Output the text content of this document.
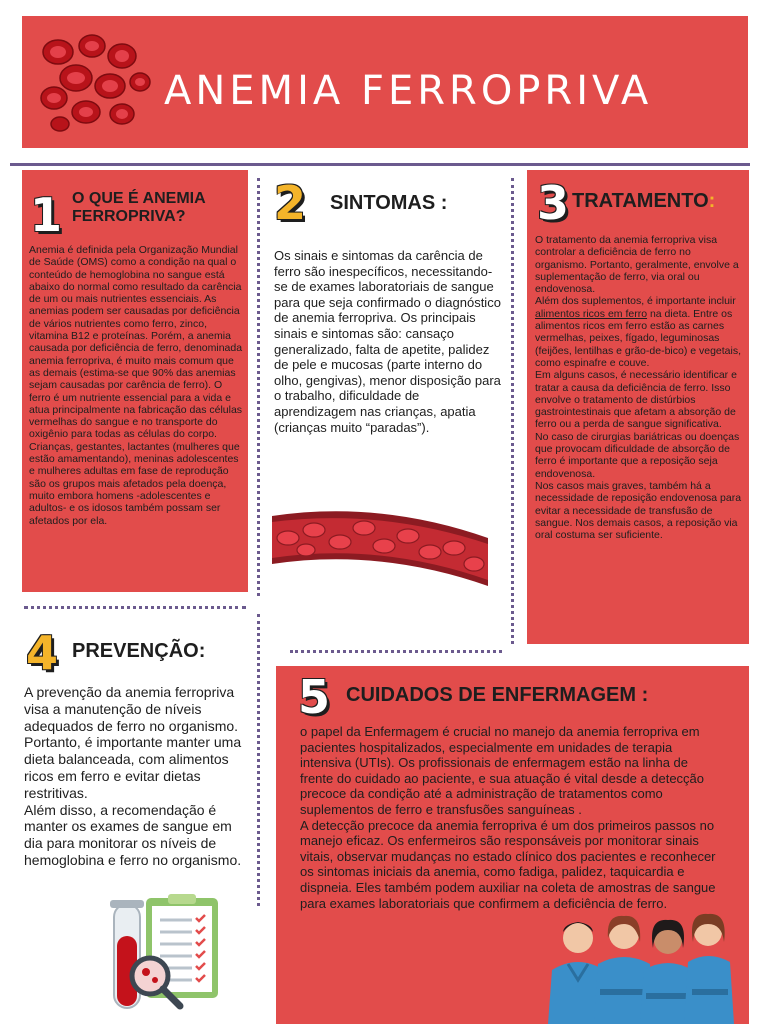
ANEMIA FERROPRIVA
1 O QUE É ANEMIA FERROPRIVA?
Anemia é definida pela Organização Mundial de Saúde (OMS) como a condição na qual o conteúdo de hemoglobina no sangue está abaixo do normal como resultado da carência de um ou mais nutrientes essenciais. As anemias podem ser causadas por deficiência de vários nutrientes como ferro, zinco, vitamina B12 e proteínas. Porém, a anemia causada por deficiência de ferro, denominada anemia ferropriva, é muito mais comum que as demais (estima-se que 90% das anemias sejam causadas por carência de ferro). O ferro é um nutriente essencial para a vida e atua principalmente na fabricação das células vermelhas do sangue e no transporte do oxigênio para todas as células do corpo.
Crianças, gestantes, lactantes (mulheres que estão amamentando), meninas adolescentes e mulheres adultas em fase de reprodução são os grupos mais afetados pela doença, muito embora homens -adolescentes e adultos- e os idosos também possam ser afetados por ela.
2 SINTOMAS :

Os sinais e sintomas da carência de ferro são inespecíficos, necessitando-se de exames laboratoriais de sangue para que seja confirmado o diagnóstico de anemia ferropriva. Os principais sinais e sintomas são: cansaço generalizado, falta de apetite, palidez de pele e mucosas (parte interno do olho, gengivas), menor disposição para o trabalho, dificuldade de aprendizagem nas crianças, apatia (crianças muito “paradas”).

3 TRATAMENTO:
O tratamento da anemia ferropriva visa controlar a deficiência de ferro no organismo. Portanto, geralmente, envolve a suplementação de ferro, via oral ou endovenosa.
Além dos suplementos, é importante incluir alimentos ricos em ferro na dieta. Entre os alimentos ricos em ferro estão as carnes vermelhas, peixes, fígado, leguminosas (feijões, lentilhas e grão-de-bico) e vegetais, como espinafre e couve.
Em alguns casos, é necessário identificar e tratar a causa da deficiência de ferro. Isso envolve o tratamento de distúrbios gastrointestinais que afetam a absorção de ferro ou a perda de sangue significativa.
No caso de cirurgias bariátricas ou doenças que provocam dificuldade de absorção de ferro é importante que a reposição seja endovenosa.
Nos casos mais graves, também há a necessidade de reposição endovenosa para evitar a necessidade de transfusão de sangue. Nos demais casos, a reposição via oral costuma ser suficiente.
4 PREVENÇÃO:
A prevenção da anemia ferropriva visa a manutenção de níveis adequados de ferro no organismo.
Portanto, é importante manter uma dieta balanceada, com alimentos ricos em ferro e evitar dietas restritivas.
Além disso, a recomendação é manter os exames de sangue em dia para monitorar os níveis de hemoglobina e ferro no organismo.
5 CUIDADOS DE ENFERMAGEM :
o papel da Enfermagem é crucial no manejo da anemia ferropriva em pacientes hospitalizados, especialmente em unidades de terapia intensiva (UTIs). Os profissionais de enfermagem estão na linha de frente do cuidado ao paciente, e sua atuação é vital desde a detecção precoce da condição até a administração de tratamentos como suplementos de ferro e transfusões sanguíneas .
A detecção precoce da anemia ferropriva é um dos primeiros passos no manejo eficaz. Os enfermeiros são responsáveis por monitorar sinais vitais, observar mudanças no estado clínico dos pacientes e reconhecer os sintomas iniciais da anemia, como fadiga, palidez, taquicardia e dispneia. Eles também podem auxiliar na coleta de amostras de sangue para exames laboratoriais que confirmem a deficiência de ferro.
